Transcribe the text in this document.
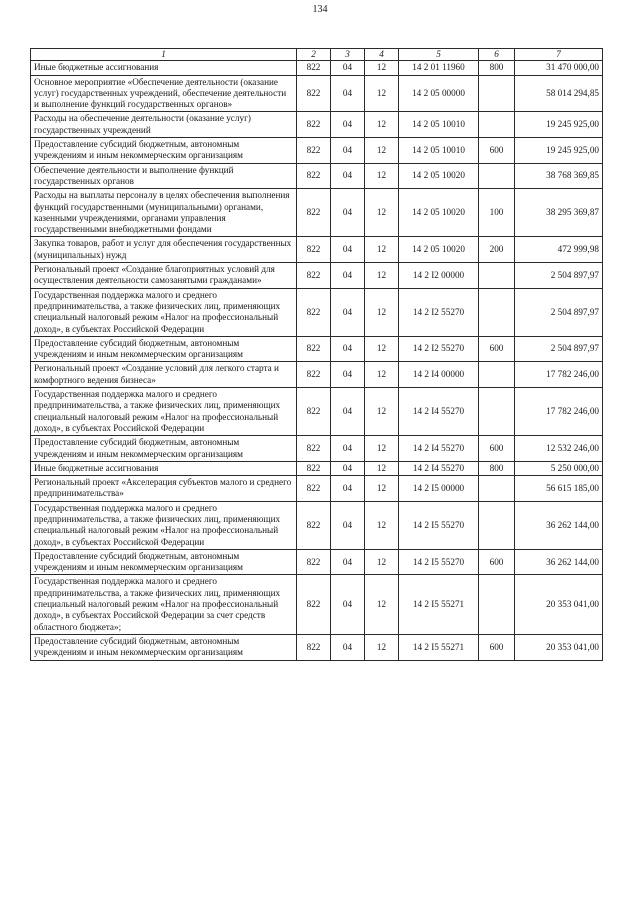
134
1	2	3	4	5	6	7
Иные бюджетные ассигнования	822	04	12	14 2 01 11960	800	31 470 000,00
Основное мероприятие «Обеспечение деятельности (оказание услуг) государственных учреждений, обеспечение деятельности и выполнение функций государственных органов»	822	04	12	14 2 05 00000		58 014 294,85
Расходы на обеспечение деятельности (оказание услуг) государственных учреждений	822	04	12	14 2 05 10010		19 245 925,00
Предоставление субсидий бюджетным, автономным учреждениям и иным некоммерческим организациям	822	04	12	14 2 05 10010	600	19 245 925,00
Обеспечение деятельности и выполнение функций государственных органов	822	04	12	14 2 05 10020		38 768 369,85
Расходы на выплаты персоналу в целях обеспечения выполнения функций государственными (муниципальными) органами, казенными учреждениями, органами управления государственными внебюджетными фондами	822	04	12	14 2 05 10020	100	38 295 369,87
Закупка товаров, работ и услуг для обеспечения государственных (муниципальных) нужд	822	04	12	14 2 05 10020	200	472 999,98
Региональный проект «Создание благоприятных условий для осуществления деятельности самозанятыми гражданами»	822	04	12	14 2 I2 00000		2 504 897,97
Государственная поддержка малого и среднего предпринимательства, а также физических лиц, применяющих специальный налоговый режим «Налог на профессиональный доход», в субъектах Российской Федерации	822	04	12	14 2 I2 55270		2 504 897,97
Предоставление субсидий бюджетным, автономным учреждениям и иным некоммерческим организациям	822	04	12	14 2 I2 55270	600	2 504 897,97
Региональный проект «Создание условий для легкого старта и комфортного ведения бизнеса»	822	04	12	14 2 I4 00000		17 782 246,00
Государственная поддержка малого и среднего предпринимательства, а также физических лиц, применяющих специальный налоговый режим «Налог на профессиональный доход», в субъектах Российской Федерации	822	04	12	14 2 I4 55270		17 782 246,00
Предоставление субсидий бюджетным, автономным учреждениям и иным некоммерческим организациям	822	04	12	14 2 I4 55270	600	12 532 246,00
Иные бюджетные ассигнования	822	04	12	14 2 I4 55270	800	5 250 000,00
Региональный проект «Акселерация субъектов малого и среднего предпринимательства»	822	04	12	14 2 I5 00000		56 615 185,00
Государственная поддержка малого и среднего предпринимательства, а также физических лиц, применяющих специальный налоговый режим «Налог на профессиональный доход», в субъектах Российской Федерации	822	04	12	14 2 I5 55270		36 262 144,00
Предоставление субсидий бюджетным, автономным учреждениям и иным некоммерческим организациям	822	04	12	14 2 I5 55270	600	36 262 144,00
Государственная поддержка малого и среднего предпринимательства, а также физических лиц, применяющих специальный налоговый режим «Налог на профессиональный доход», в субъектах Российской Федерации за счет средств областного бюджета»;	822	04	12	14 2 I5 55271		20 353 041,00
Предоставление субсидий бюджетным, автономным учреждениям и иным некоммерческим организациям	822	04	12	14 2 I5 55271	600	20 353 041,00
